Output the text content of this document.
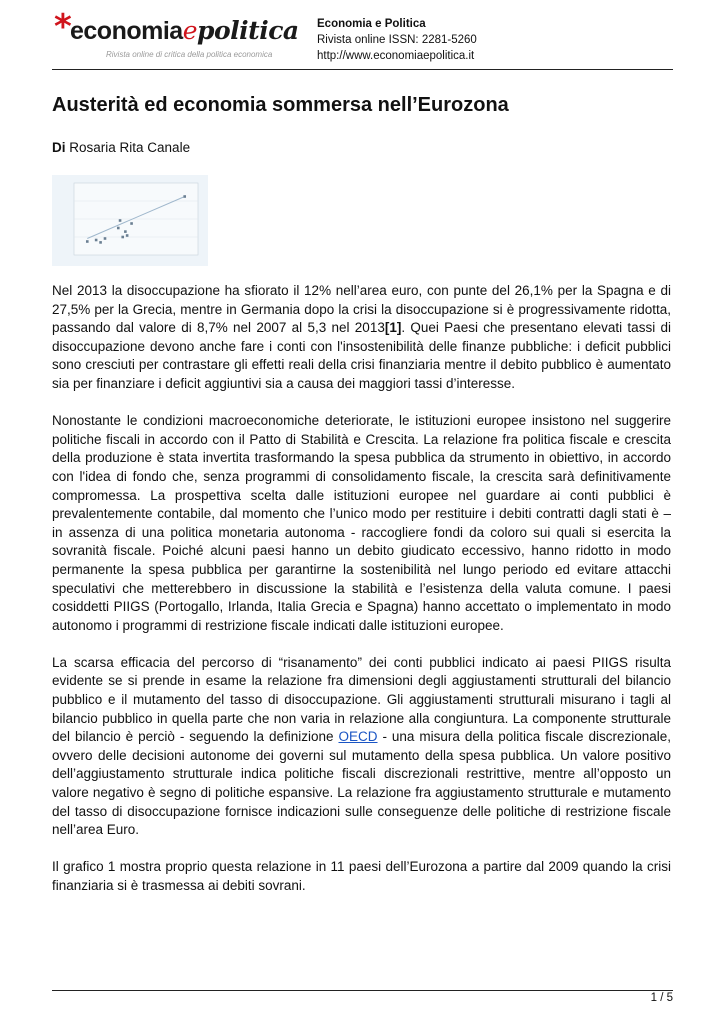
*
economiaepolitica
Rivista online di critica della politica economica
Economia e Politica
Rivista online ISSN: 2281-5260
http://www.economiaepolitica.it
Austerità ed economia sommersa nell’Eurozona
Di Rosaria Rita Canale

Nel 2013 la disoccupazione ha sfiorato il 12% nell’area euro, con punte del 26,1% per la Spagna e di 27,5% per la Grecia, mentre in Germania dopo la crisi la disoccupazione si è progressivamente ridotta, passando dal valore di 8,7% nel 2007 al 5,3 nel 2013[1]. Quei Paesi che presentano elevati tassi di disoccupazione devono anche fare i conti con l'insostenibilità delle finanze pubbliche: i deficit pubblici sono cresciuti per contrastare gli effetti reali della crisi finanziaria mentre il debito pubblico è aumentato sia per finanziare i deficit aggiuntivi sia a causa dei maggiori tassi d’interesse.

Nonostante le condizioni macroeconomiche deteriorate, le istituzioni europee insistono nel suggerire politiche fiscali in accordo con il Patto di Stabilità e Crescita. La relazione fra politica fiscale e crescita della produzione è stata invertita trasformando la spesa pubblica da strumento in obiettivo, in accordo con l'idea di fondo che, senza programmi di consolidamento fiscale, la crescita sarà definitivamente compromessa. La prospettiva scelta dalle istituzioni europee nel guardare ai conti pubblici è prevalentemente contabile, dal momento che l’unico modo per restituire i debiti contratti dagli stati è – in assenza di una politica monetaria autonoma - raccogliere fondi da coloro sui quali si esercita la sovranità fiscale. Poiché alcuni paesi hanno un debito giudicato eccessivo, hanno ridotto in modo permanente la spesa pubblica per garantirne la sostenibilità nel lungo periodo ed evitare attacchi speculativi che metterebbero in discussione la stabilità e l’esistenza della valuta comune. I paesi cosiddetti PIIGS (Portogallo, Irlanda, Italia Grecia e Spagna) hanno accettato o implementato in modo autonomo i programmi di restrizione fiscale indicati dalle istituzioni europee.

La scarsa efficacia del percorso di “risanamento” dei conti pubblici indicato ai paesi PIIGS risulta evidente se si prende in esame la relazione fra dimensioni degli aggiustamenti strutturali del bilancio pubblico e il mutamento del tasso di disoccupazione. Gli aggiustamenti strutturali misurano i tagli al bilancio pubblico in quella parte che non varia in relazione alla congiuntura. La componente strutturale del bilancio è perciò - seguendo la definizione OECD - una misura della politica fiscale discrezionale, ovvero delle decisioni autonome dei governi sul mutamento della spesa pubblica. Un valore positivo dell’aggiustamento strutturale indica politiche fiscali discrezionali restrittive, mentre all’opposto un valore negativo è segno di politiche espansive. La relazione fra aggiustamento strutturale e mutamento del tasso di disoccupazione fornisce indicazioni sulle conseguenze delle politiche di restrizione fiscale nell’area Euro.

Il grafico 1 mostra proprio questa relazione in 11 paesi dell’Eurozona a partire dal 2009 quando la crisi finanziaria si è trasmessa ai debiti sovrani.

1 / 5
